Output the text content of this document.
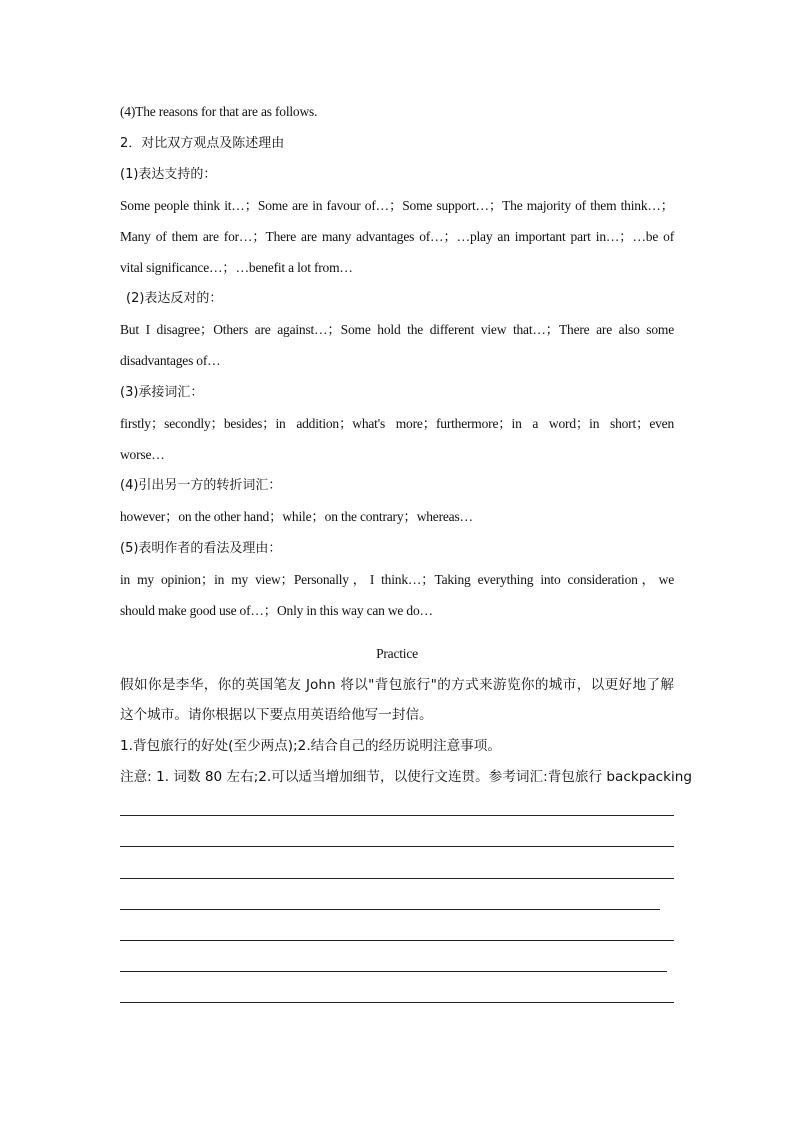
(4)The reasons for that are as follows.
2．对比双方观点及陈述理由
(1)表达支持的：
Some people think it…；Some are in favour of…；Some support…；The majority of them think…；
Many of them are for…；There are many advantages of…；…play an important part in…；…be of
vital significance…；…benefit a lot from…
(2)表达反对的：
But I disagree；Others are against…；Some hold the different view that…；There are also some
disadvantages of…
(3)承接词汇：
firstly；secondly；besides；in addition；what's more；furthermore；in a word；in short；even
worse…
(4)引出另一方的转折词汇：
however；on the other hand；while；on the contrary；whereas…
(5)表明作者的看法及理由：
in my opinion；in my view；Personally，I think…；Taking everything into consideration，we
should make good use of…；Only in this way can we do…
Practice
假如你是李华，你的英国笔友 John 将以"背包旅行"的方式来游览你的城市，以更好地了解
这个城市。请你根据以下要点用英语给他写一封信。
1.背包旅行的好处(至少两点);2.结合自己的经历说明注意事项。
注意: 1. 词数 80 左右;2.可以适当增加细节，以使行文连贯。参考词汇:背包旅行 backpacking
